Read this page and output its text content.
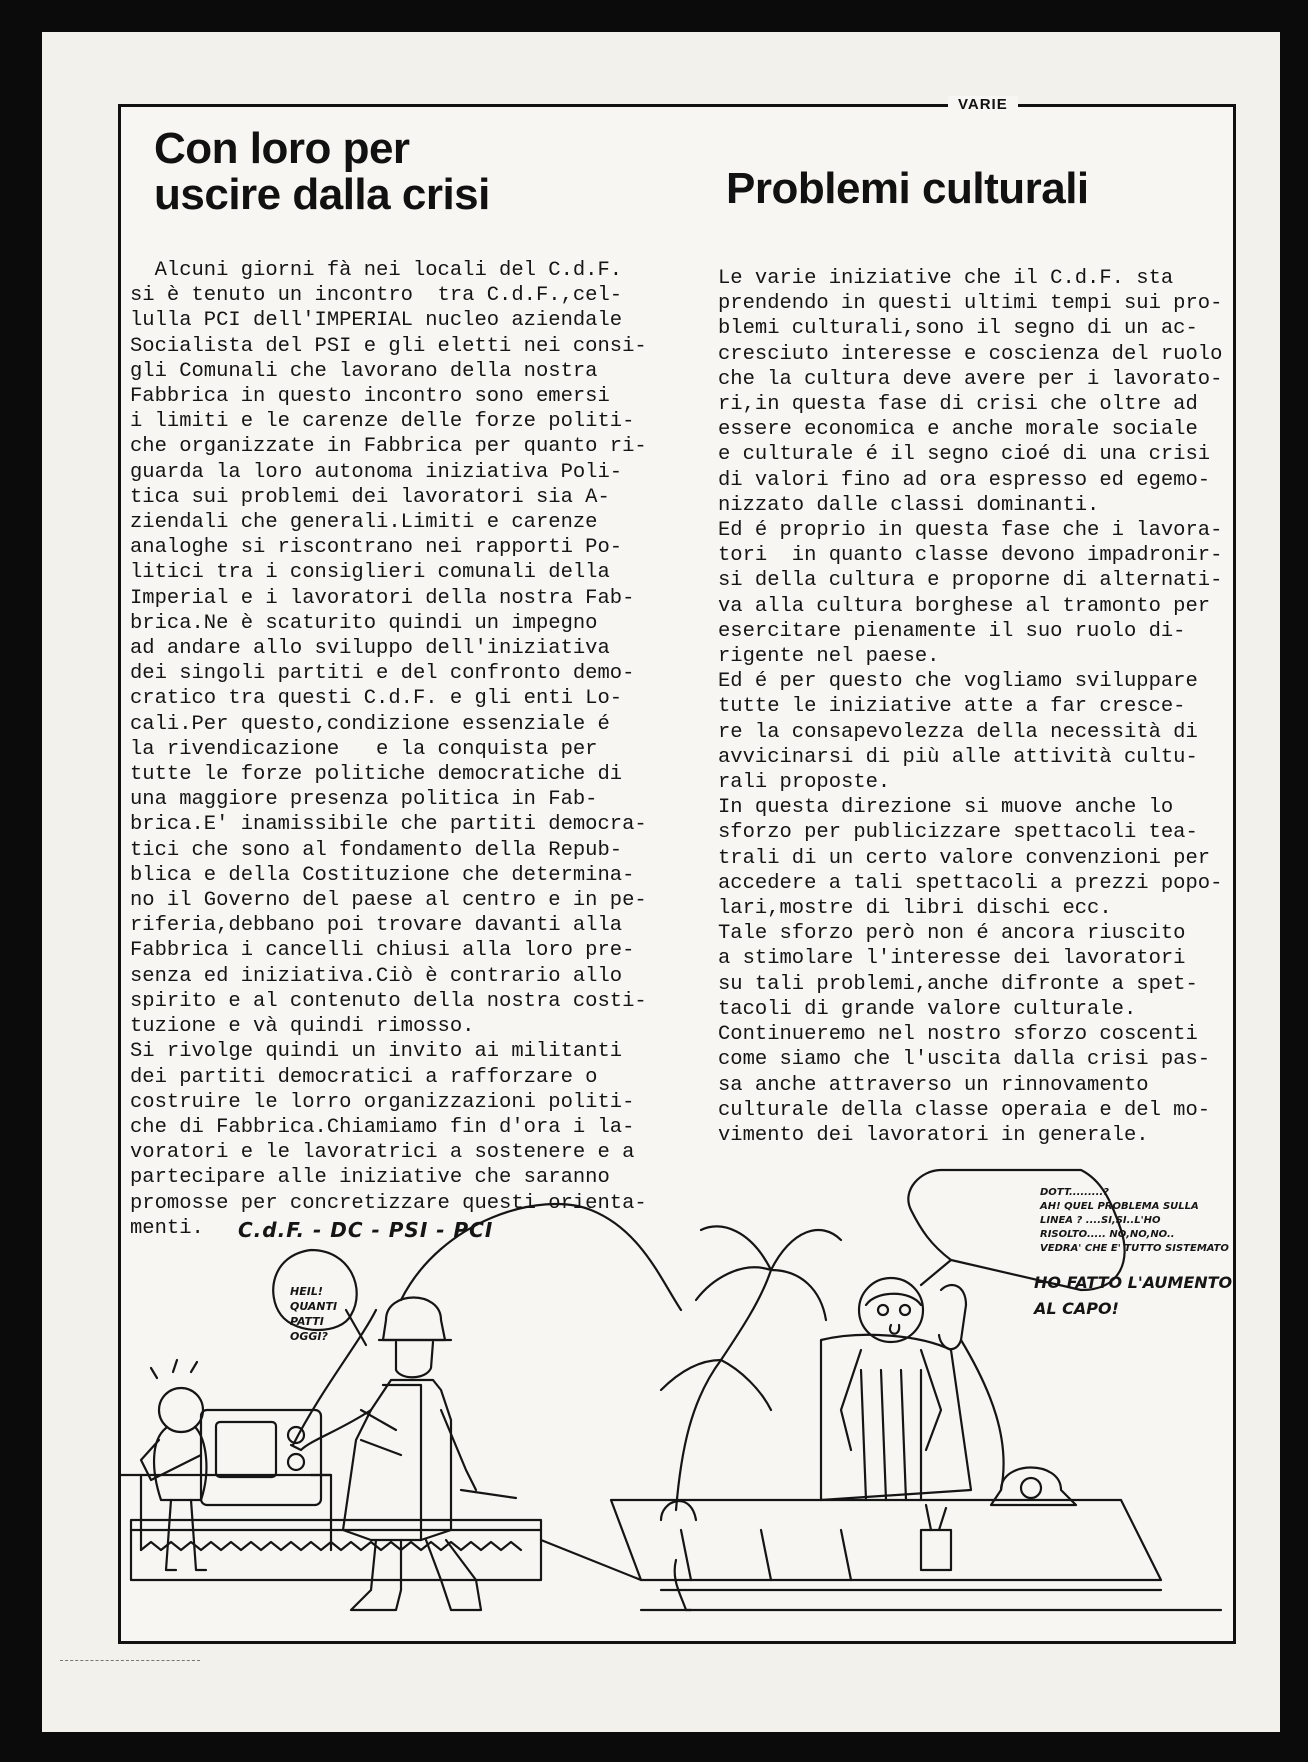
VARIE
Con loro per
uscire dalla crisi	Problemi culturali
Alcuni giorni fà nei locali del C.d.F.
si è tenuto un incontro  tra C.d.F.,cel-
lulla PCI dell'IMPERIAL nucleo aziendale
Socialista del PSI e gli eletti nei consi-
gli Comunali che lavorano della nostra
Fabbrica in questo incontro sono emersi
i limiti e le carenze delle forze politi-
che organizzate in Fabbrica per quanto ri-
guarda la loro autonoma iniziativa Poli-
tica sui problemi dei lavoratori sia A-
ziendali che generali.Limiti e carenze
analoghe si riscontrano nei rapporti Po-
litici tra i consiglieri comunali della
Imperial e i lavoratori della nostra Fab-
brica.Ne è scaturito quindi un impegno
ad andare allo sviluppo dell'iniziativa
dei singoli partiti e del confronto demo-
cratico tra questi C.d.F. e gli enti Lo-
cali.Per questo,condizione essenziale é
la rivendicazione   e la conquista per
tutte le forze politiche democratiche di
una maggiore presenza politica in Fab-
brica.E' inamissibile che partiti democra-
tici che sono al fondamento della Repub-
blica e della Costituzione che determina-
no il Governo del paese al centro e in pe-
riferia,debbano poi trovare davanti alla
Fabbrica i cancelli chiusi alla loro pre-
senza ed iniziativa.Ciò è contrario allo
spirito e al contenuto della nostra costi-
tuzione e và quindi rimosso.
Si rivolge quindi un invito ai militanti
dei partiti democratici a rafforzare o
costruire le lorro organizzazioni politi-
che di Fabbrica.Chiamiamo fin d'ora i la-
voratori e le lavoratrici a sostenere e a
partecipare alle iniziative che saranno
promosse per concretizzare questi orienta-
menti.
Le varie iniziative che il C.d.F. sta
prendendo in questi ultimi tempi sui pro-
blemi culturali,sono il segno di un ac-
cresciuto interesse e coscienza del ruolo
che la cultura deve avere per i lavorato-
ri,in questa fase di crisi che oltre ad
essere economica e anche morale sociale
e culturale é il segno cioé di una crisi
di valori fino ad ora espresso ed egemo-
nizzato dalle classi dominanti.
Ed é proprio in questa fase che i lavora-
tori  in quanto classe devono impadronir-
si della cultura e proporne di alternati-
va alla cultura borghese al tramonto per
esercitare pienamente il suo ruolo di-
rigente nel paese.
Ed é per questo che vogliamo sviluppare
tutte le iniziative atte a far cresce-
re la consapevolezza della necessità di
avvicinarsi di più alle attività cultu-
rali proposte.
In questa direzione si muove anche lo
sforzo per publicizzare spettacoli tea-
trali di un certo valore convenzioni per
accedere a tali spettacoli a prezzi popo-
lari,mostre di libri dischi ecc.
Tale sforzo però non é ancora riuscito
a stimolare l'interesse dei lavoratori
su tali problemi,anche difronte a spet-
tacoli di grande valore culturale.
Continueremo nel nostro sforzo coscenti
come siamo che l'uscita dalla crisi pas-
sa anche attraverso un rinnovamento
culturale della classe operaia e del mo-
vimento dei lavoratori in generale.
C.d.F. - DC - PSI - PCI
HEIL!
QUANTI
PATTI
OGGI?
DOTT.........?
AH! QUEL PROBLEMA SULLA
LINEA ? ....SI,SI..L'HO
RISOLTO..... NO,NO,NO..
VEDRA' CHE E' TUTTO SISTEMATO
HO FATTO L'AUMENTO
AL CAPO!
